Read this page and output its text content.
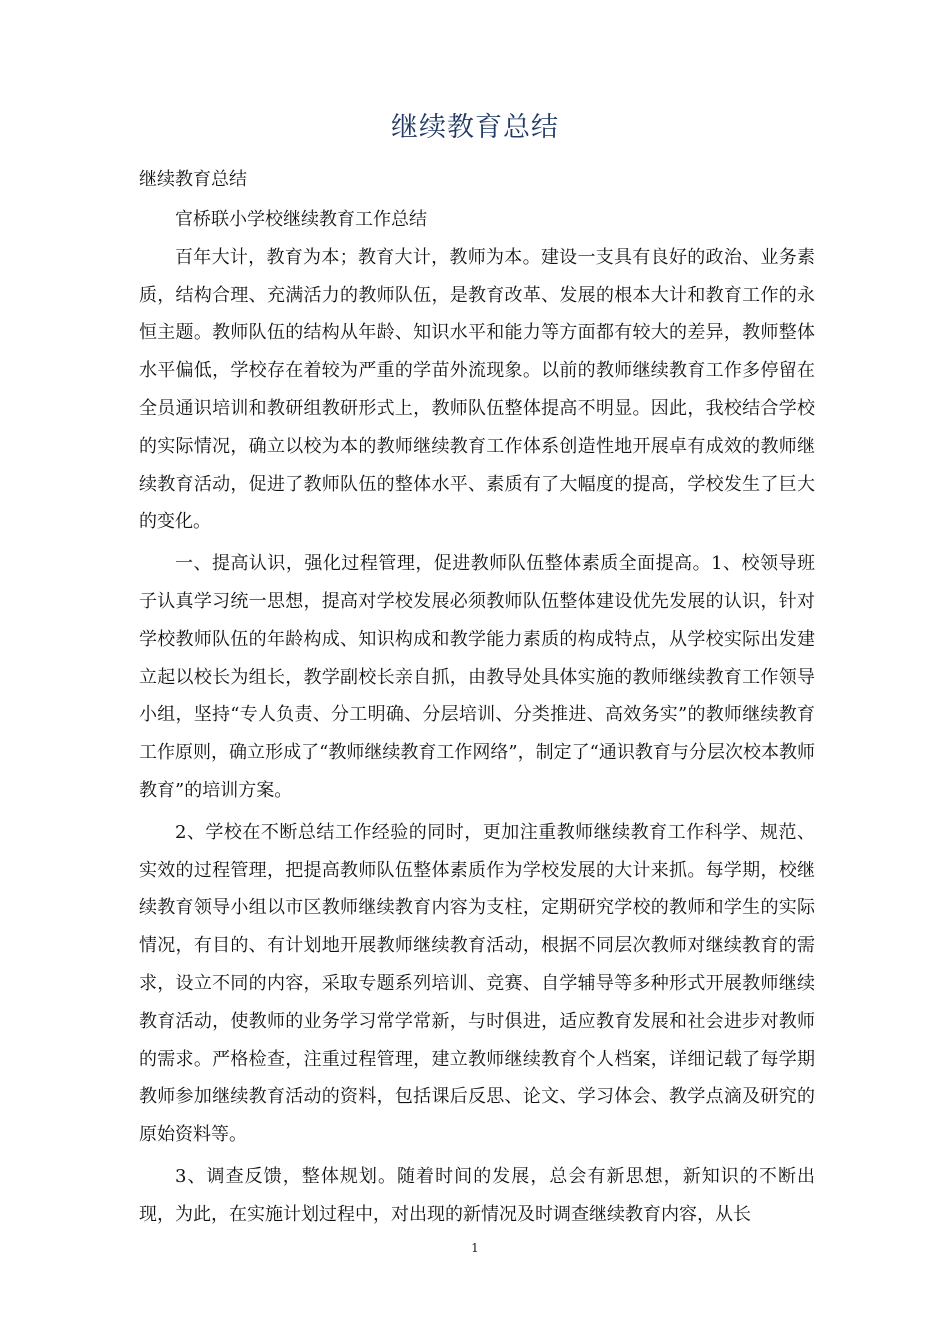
继续教育总结
继续教育总结

官桥联小学校继续教育工作总结

百年大计，教育为本；教育大计，教师为本。建设一支具有良好的政治、业务素质，结构合理、充满活力的教师队伍，是教育改革、发展的根本大计和教育工作的永恒主题。教师队伍的结构从年龄、知识水平和能力等方面都有较大的差异，教师整体水平偏低，学校存在着较为严重的学苗外流现象。以前的教师继续教育工作多停留在全员通识培训和教研组教研形式上，教师队伍整体提高不明显。因此，我校结合学校的实际情况，确立以校为本的教师继续教育工作体系创造性地开展卓有成效的教师继续教育活动，促进了教师队伍的整体水平、素质有了大幅度的提高，学校发生了巨大的变化。

一、提高认识，强化过程管理，促进教师队伍整体素质全面提高。1、校领导班子认真学习统一思想，提高对学校发展必须教师队伍整体建设优先发展的认识，针对学校教师队伍的年龄构成、知识构成和教学能力素质的构成特点，从学校实际出发建立起以校长为组长，教学副校长亲自抓，由教导处具体实施的教师继续教育工作领导小组，坚持“专人负责、分工明确、分层培训、分类推进、高效务实”的教师继续教育工作原则，确立形成了“教师继续教育工作网络”，制定了“通识教育与分层次校本教师教育”的培训方案。

2、学校在不断总结工作经验的同时，更加注重教师继续教育工作科学、规范、实效的过程管理，把提高教师队伍整体素质作为学校发展的大计来抓。每学期，校继续教育领导小组以市区教师继续教育内容为支柱，定期研究学校的教师和学生的实际情况，有目的、有计划地开展教师继续教育活动，根据不同层次教师对继续教育的需求，设立不同的内容，采取专题系列培训、竞赛、自学辅导等多种形式开展教师继续教育活动，使教师的业务学习常学常新，与时俱进，适应教育发展和社会进步对教师的需求。严格检查，注重过程管理，建立教师继续教育个人档案，详细记载了每学期教师参加继续教育活动的资料，包括课后反思、论文、学习体会、教学点滴及研究的原始资料等。

3、调查反馈，整体规划。随着时间的发展，总会有新思想，新知识的不断出现，为此，在实施计划过程中，对出现的新情况及时调查继续教育内容，从长

1
